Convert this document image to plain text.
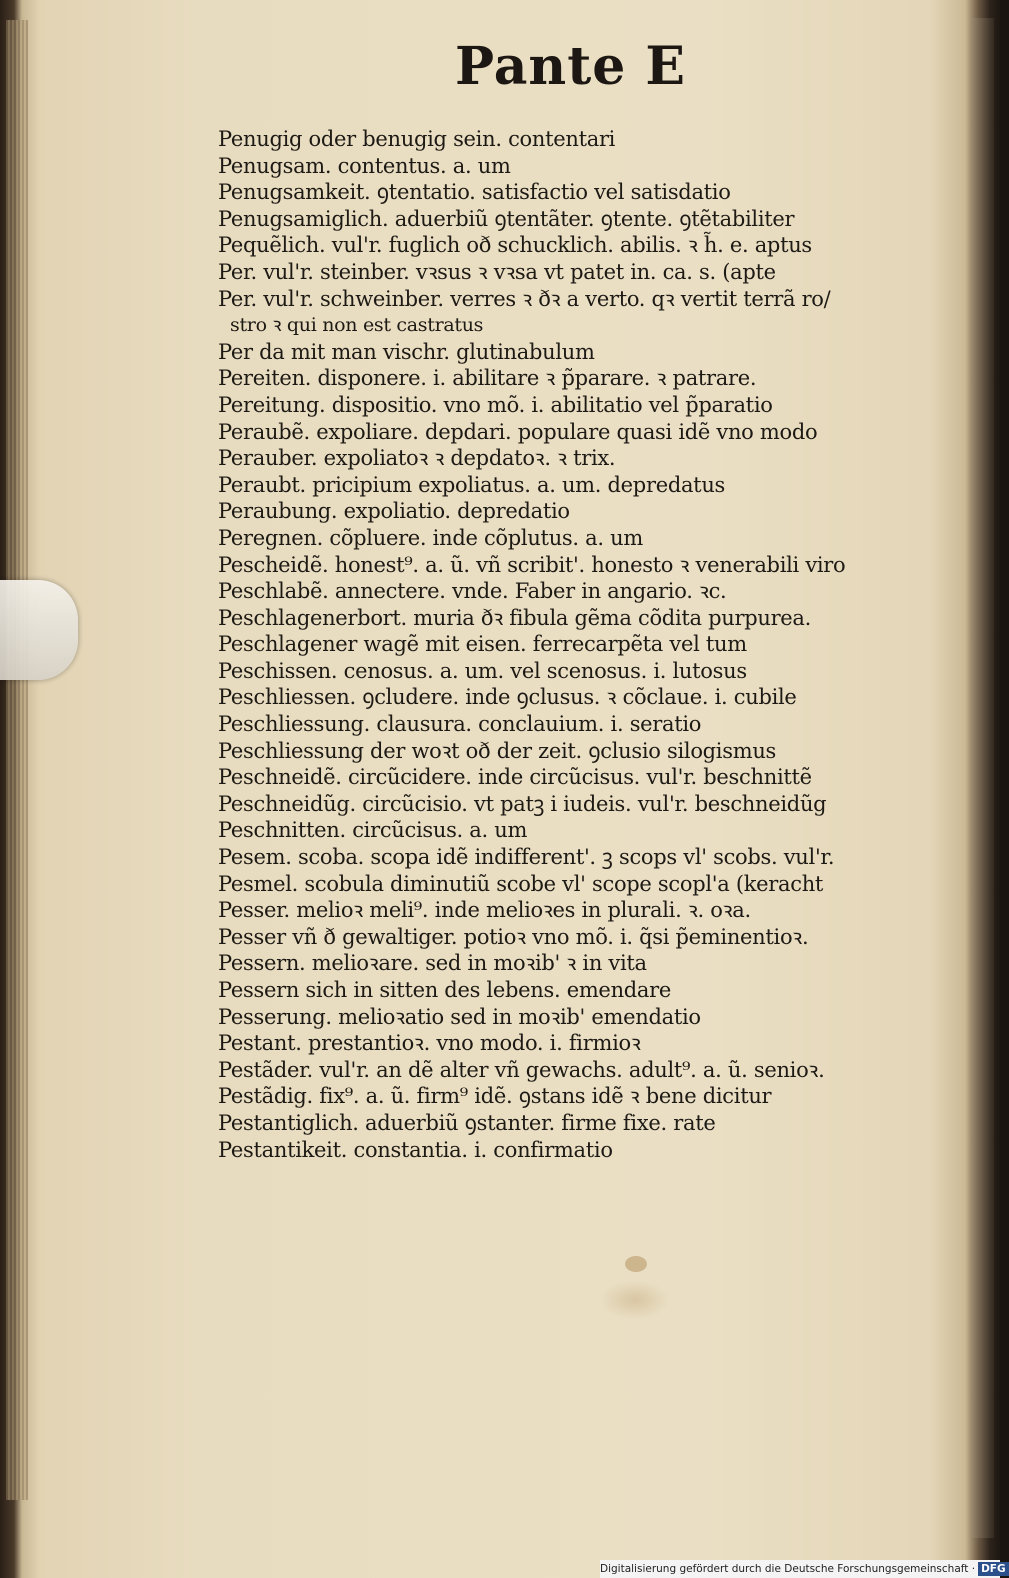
Pante E
Penugig oder benugig sein. contentari
Penugsam. contentus. a. um
Penugsamkeit. ꝯtentatio. satisfactio vel satisdatio
Penugsamiglich. aduerbiũ ꝯtentãter. ꝯtente. ꝯtẽtabiliter
Pequẽlich. vul'r. fuglich oð schucklich. abilis. ꝛ h̃. e. aptus
Per. vul'r. steinber. vꝛsus ꝛ vꝛsa vt patet in. ca. s. (apte
Per. vul'r. schweinber. verres ꝛ ðꝛ a verto. qꝛ vertit terrã ro/
stro ꝛ qui non est castratus
Per da mit man vischr. glutinabulum
Pereiten. disponere. i. abilitare ꝛ p̃parare. ꝛ patrare.
Pereitung. dispositio. vno mõ. i. abilitatio vel p̃paratio
Peraubẽ. expoliare. depdari. populare quasi idẽ vno modo
Perauber. expoliatoꝛ ꝛ depdatoꝛ. ꝛ trix.
Peraubt. pricipium expoliatus. a. um. depredatus
Peraubung. expoliatio. depredatio
Peregnen. cõpluere. inde cõplutus. a. um
Pescheidẽ. honest⁹. a. ũ. vñ scribit'. honesto ꝛ venerabili viro
Peschlabẽ. annectere. vnde. Faber in angario. ꝛc.
Peschlagenerbort. muria ðꝛ fibula gẽma cõdita purpurea.
Peschlagener wagẽ mit eisen. ferrecarpẽta vel tum
Peschissen. cenosus. a. um. vel scenosus. i. lutosus
Peschliessen. ꝯcludere. inde ꝯclusus. ꝛ cõclaue. i. cubile
Peschliessung. clausura. conclauium. i. seratio
Peschliessung der woꝛt oð der zeit. ꝯclusio silogismus
Peschneidẽ. circũcidere. inde circũcisus. vul'r. beschnittẽ
Peschneidũg. circũcisio. vt patꝫ i iudeis. vul'r. beschneidũg
Peschnitten. circũcisus. a. um
Pesem. scoba. scopa idẽ indifferent'. ꝫ scops vl' scobs. vul'r.
Pesmel. scobula diminutiũ scobe vl' scope scopl'a (keracht
Pesser. melioꝛ meli⁹. inde melioꝛes in plurali. ꝛ. oꝛa.
Pesser vñ ð gewaltiger. potioꝛ vno mõ. i. q̃si p̃eminentioꝛ.
Pessern. melioꝛare. sed in moꝛib' ꝛ in vita
Pessern sich in sitten des lebens. emendare
Pesserung. melioꝛatio sed in moꝛib' emendatio
Pestant. prestantioꝛ. vno modo. i. firmioꝛ
Pestãder. vul'r. an dẽ alter vñ gewachs. adult⁹. a. ũ. senioꝛ.
Pestãdig. fix⁹. a. ũ. firm⁹ idẽ. ꝯstans idẽ ꝛ bene dicitur
Pestantiglich. aduerbiũ ꝯstanter. firme fixe. rate
Pestantikeit. constantia. i. confirmatio
Digitalisierung gefördert durch die Deutsche Forschungsgemeinschaft · DFG
